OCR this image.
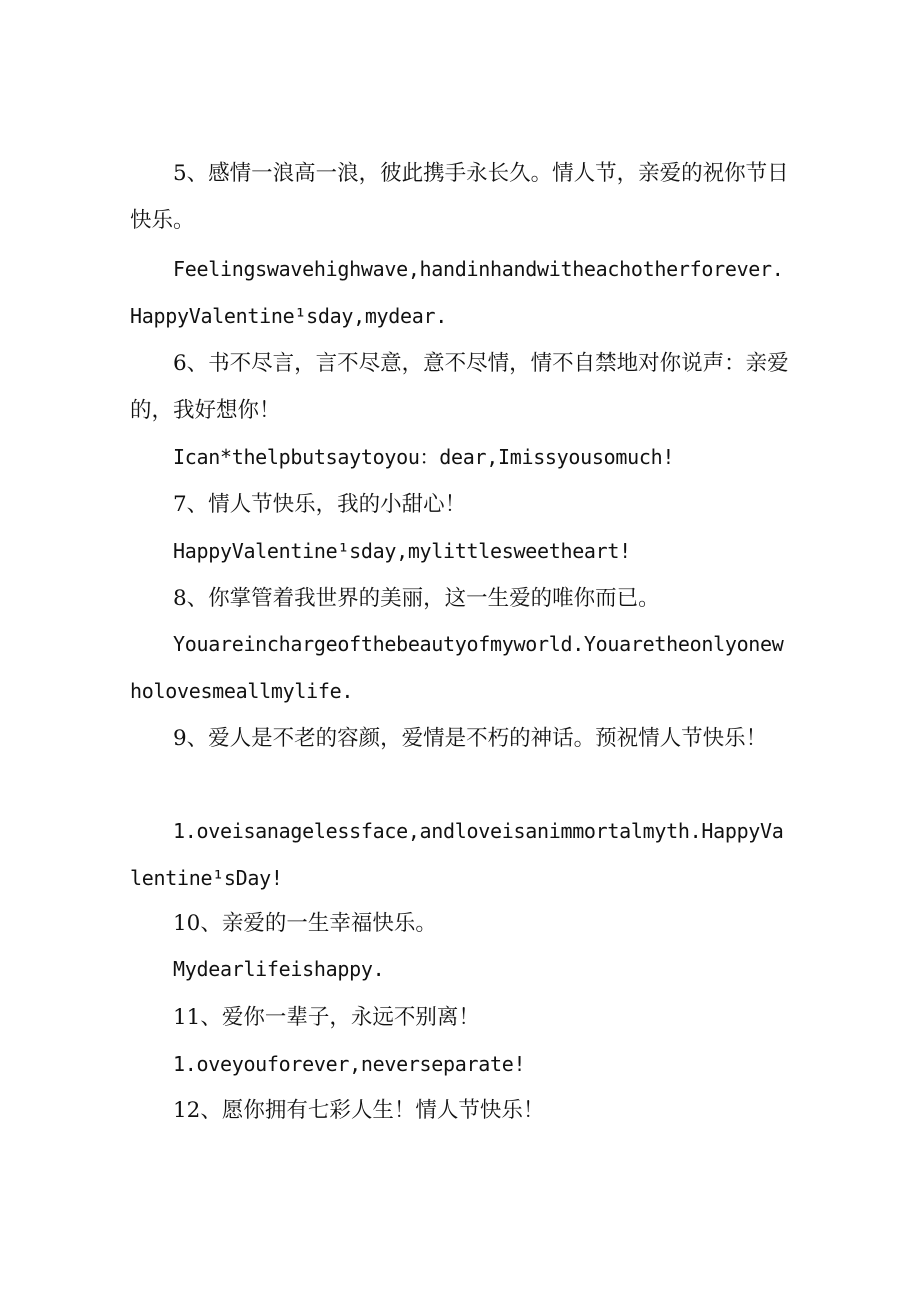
5、感情一浪高一浪，彼此携手永长久。情人节，亲爱的祝你节日快乐。

Feelingswavehighwave,handinhandwitheachotherforever.HappyValentine¹sday,mydear.

6、书不尽言，言不尽意，意不尽情，情不自禁地对你说声：亲爱的，我好想你！

Ican*thelpbutsaytoyou：dear,Imissyousomuch!

7、情人节快乐，我的小甜心！

HappyValentine¹sday,mylittlesweetheart!

8、你掌管着我世界的美丽，这一生爱的唯你而已。

Youareinchargeofthebeautyofmyworld.Youaretheonlyonewholovesmeallmylife.

9、爱人是不老的容颜，爱情是不朽的神话。预祝情人节快乐！

1.oveisanagelessface,andloveisanimmortalmyth.HappyValentine¹sDay!

10、亲爱的一生幸福快乐。

Mydearlifeishappy.

11、爱你一辈子，永远不别离！

1.oveyouforever,neverseparate!

12、愿你拥有七彩人生！情人节快乐！
